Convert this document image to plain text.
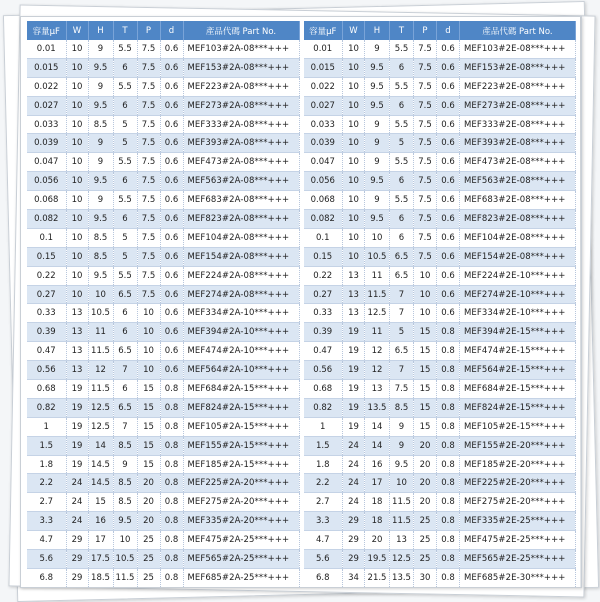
容量μF	W	H	T	P	d	產品代碼 Part No.
0.01	10	9	5.5	7.5	0.6	MEF103#2A-08***+++
0.015	10	9.5	6	7.5	0.6	MEF153#2A-08***+++
0.022	10	9	5.5	7.5	0.6	MEF223#2A-08***+++
0.027	10	9.5	6	7.5	0.6	MEF273#2A-08***+++
0.033	10	8.5	5	7.5	0.6	MEF333#2A-08***+++
0.039	10	9	5	7.5	0.6	MEF393#2A-08***+++
0.047	10	9	5.5	7.5	0.6	MEF473#2A-08***+++
0.056	10	9.5	6	7.5	0.6	MEF563#2A-08***+++
0.068	10	9	5.5	7.5	0.6	MEF683#2A-08***+++
0.082	10	9.5	6	7.5	0.6	MEF823#2A-08***+++
0.1	10	8.5	5	7.5	0.6	MEF104#2A-08***+++
0.15	10	8.5	5	7.5	0.6	MEF154#2A-08***+++
0.22	10	9.5	5.5	7.5	0.6	MEF224#2A-08***+++
0.27	10	10	6.5	7.5	0.6	MEF274#2A-08***+++
0.33	13	10.5	6	10	0.6	MEF334#2A-10***+++
0.39	13	11	6	10	0.6	MEF394#2A-10***+++
0.47	13	11.5	6.5	10	0.6	MEF474#2A-10***+++
0.56	13	12	7	10	0.6	MEF564#2A-10***+++
0.68	19	11.5	6	15	0.8	MEF684#2A-15***+++
0.82	19	12.5	6.5	15	0.8	MEF824#2A-15***+++
1	19	12.5	7	15	0.8	MEF105#2A-15***+++
1.5	19	14	8.5	15	0.8	MEF155#2A-15***+++
1.8	19	14.5	9	15	0.8	MEF185#2A-15***+++
2.2	24	14.5	8.5	20	0.8	MEF225#2A-20***+++
2.7	24	15	8.5	20	0.8	MEF275#2A-20***+++
3.3	24	16	9.5	20	0.8	MEF335#2A-20***+++
4.7	29	17	10	25	0.8	MEF475#2A-25***+++
5.6	29	17.5	10.5	25	0.8	MEF565#2A-25***+++
6.8	29	18.5	11.5	25	0.8	MEF685#2A-25***+++
容量μF	W	H	T	P	d	產品代碼 Part No.
0.01	10	9	5.5	7.5	0.6	MEF103#2E-08***+++
0.015	10	9.5	6	7.5	0.6	MEF153#2E-08***+++
0.022	10	9.5	5.5	7.5	0.6	MEF223#2E-08***+++
0.027	10	9.5	6	7.5	0.6	MEF273#2E-08***+++
0.033	10	9	5.5	7.5	0.6	MEF333#2E-08***+++
0.039	10	9	5	7.5	0.6	MEF393#2E-08***+++
0.047	10	9	5.5	7.5	0.6	MEF473#2E-08***+++
0.056	10	9.5	6	7.5	0.6	MEF563#2E-08***+++
0.068	10	9	5.5	7.5	0.6	MEF683#2E-08***+++
0.082	10	9.5	6	7.5	0.6	MEF823#2E-08***+++
0.1	10	10	6	7.5	0.6	MEF104#2E-08***+++
0.15	10	10.5	6.5	7.5	0.6	MEF154#2E-08***+++
0.22	13	11	6.5	10	0.6	MEF224#2E-10***+++
0.27	13	11.5	7	10	0.6	MEF274#2E-10***+++
0.33	13	12.5	7	10	0.6	MEF334#2E-10***+++
0.39	19	11	5	15	0.8	MEF394#2E-15***+++
0.47	19	12	6.5	15	0.8	MEF474#2E-15***+++
0.56	19	12	7	15	0.8	MEF564#2E-15***+++
0.68	19	13	7.5	15	0.8	MEF684#2E-15***+++
0.82	19	13.5	8.5	15	0.8	MEF824#2E-15***+++
1	19	14	9	15	0.8	MEF105#2E-15***+++
1.5	24	14	9	20	0.8	MEF155#2E-20***+++
1.8	24	16	9.5	20	0.8	MEF185#2E-20***+++
2.2	24	17	10	20	0.8	MEF225#2E-20***+++
2.7	24	18	11.5	20	0.8	MEF275#2E-20***+++
3.3	29	18	11.5	25	0.8	MEF335#2E-25***+++
4.7	29	20	13	25	0.8	MEF475#2E-25***+++
5.6	29	19.5	12.5	25	0.8	MEF565#2E-25***+++
6.8	34	21.5	13.5	30	0.8	MEF685#2E-30***+++
